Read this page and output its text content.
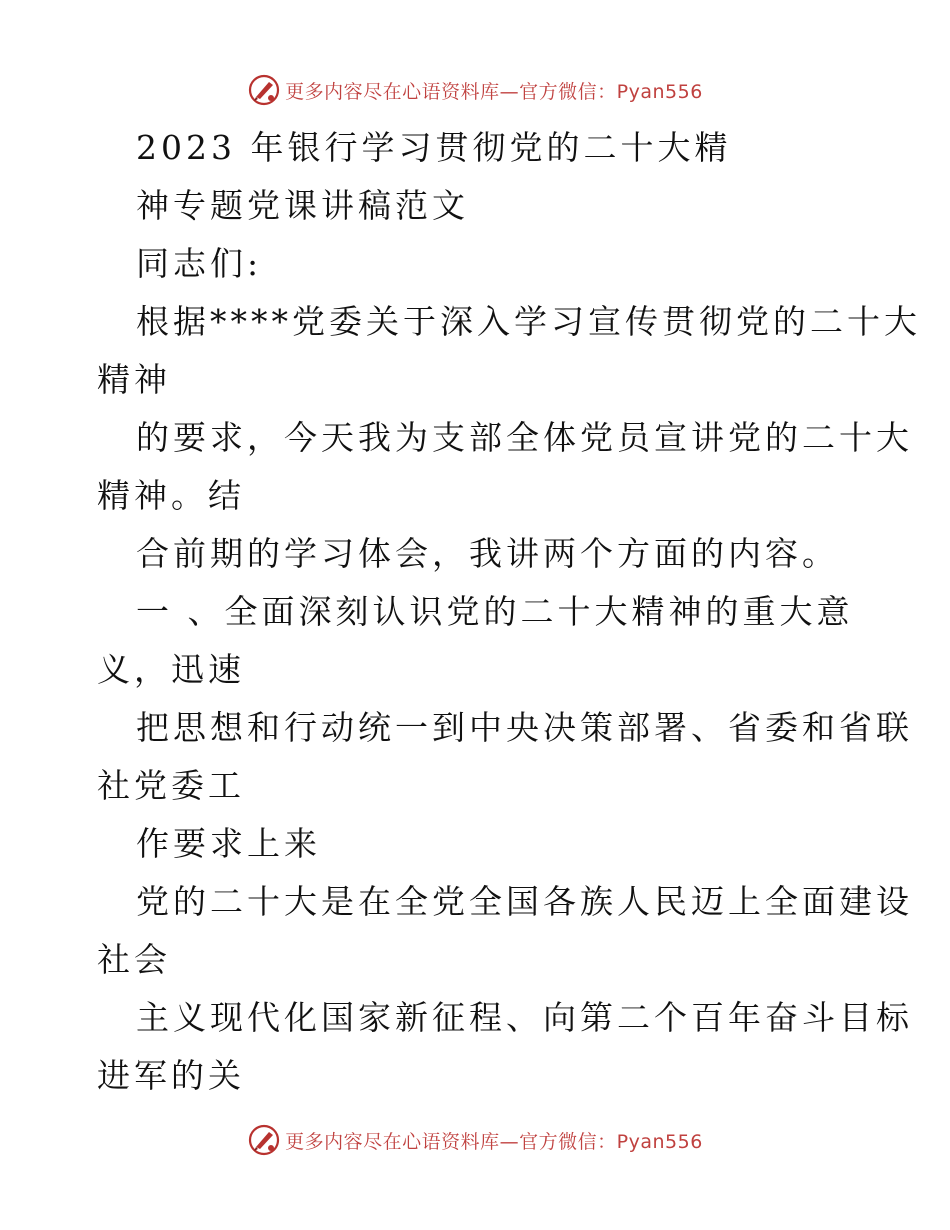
更多内容尽在心语资料库—官方微信：Pyan556
2023 年银行学习贯彻党的二十大精
神专题党课讲稿范文
同志们:
根据****党委关于深入学习宣传贯彻党的二十大
精神
的要求，今天我为支部全体党员宣讲党的二十大
精神。结
合前期的学习体会，我讲两个方面的内容。
一 、全面深刻认识党的二十大精神的重大意
义，迅速
把思想和行动统一到中央决策部署、省委和省联
社党委工
作要求上来
党的二十大是在全党全国各族人民迈上全面建设
社会
主义现代化国家新征程、向第二个百年奋斗目标
进军的关
更多内容尽在心语资料库—官方微信：Pyan556
